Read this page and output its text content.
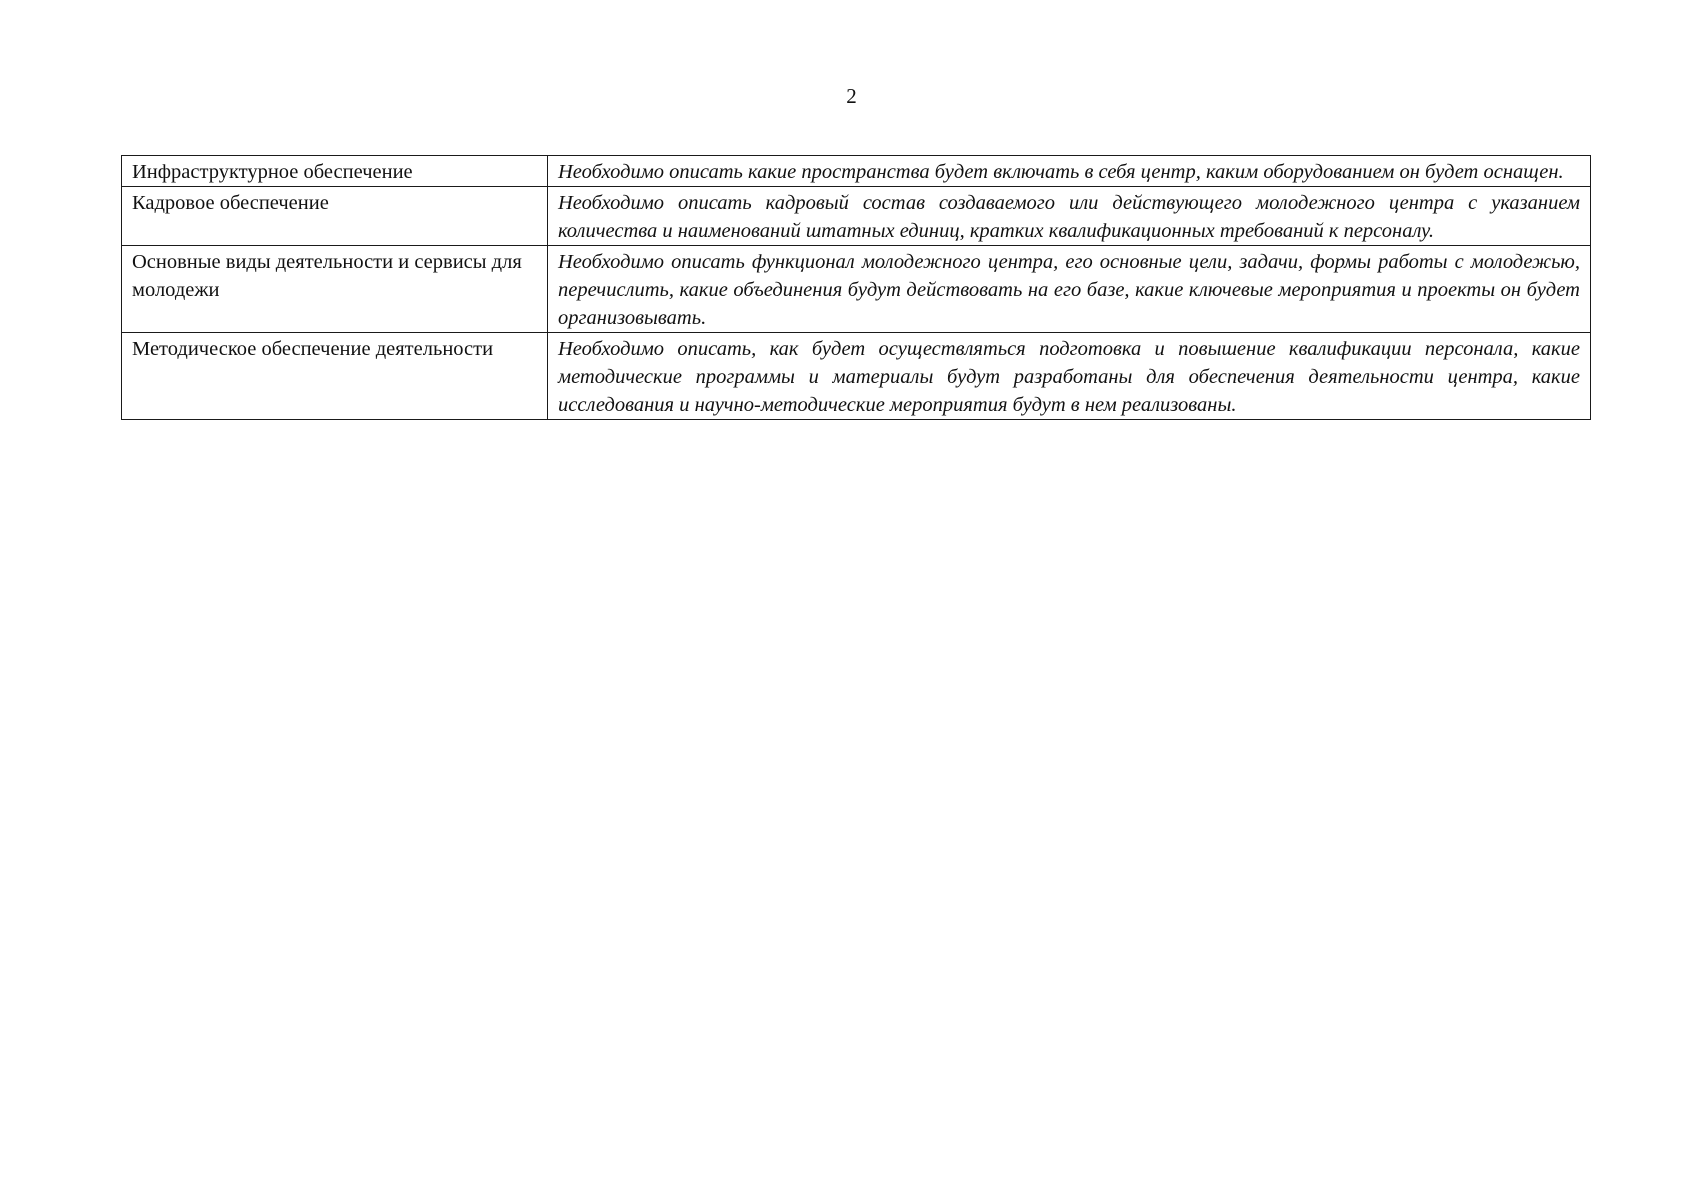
2
Инфраструктурное обеспечение	Необходимо описать какие пространства будет включать в себя центр, каким оборудованием он будет оснащен.
Кадровое обеспечение	Необходимо описать кадровый состав создаваемого или действующего молодежного центра с указанием количества и наименований штатных единиц, кратких квалификационных требований к персоналу.
Основные виды деятельности и сервисы для молодежи	Необходимо описать функционал молодежного центра, его основные цели, задачи, формы работы с молодежью, перечислить, какие объединения будут действовать на его базе, какие ключевые мероприятия и проекты он будет организовывать.
Методическое обеспечение деятельности	Необходимо описать, как будет осуществляться подготовка и повышение квалификации персонала, какие методические программы и материалы будут разработаны для обеспечения деятельности центра, какие исследования и научно-методические мероприятия будут в нем реализованы.
